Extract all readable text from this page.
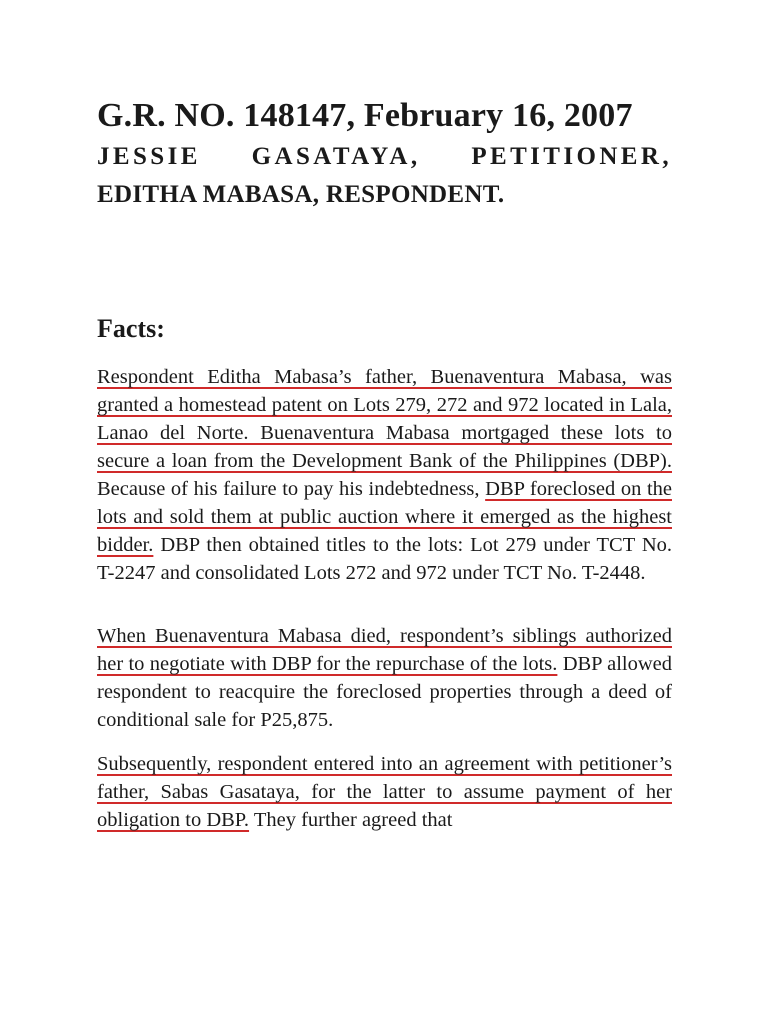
G.R. NO. 148147, February 16, 2007
JESSIE GASATAYA, PETITIONER,
EDITHA MABASA, RESPONDENT.
Facts:

Respondent Editha Mabasa’s father, Buenaventura Mabasa, was granted a homestead patent on Lots 279, 272 and 972 located in Lala, Lanao del Norte. Buenaventura Mabasa mortgaged these lots to secure a loan from the Development Bank of the Philippines (DBP). Because of his failure to pay his indebtedness, DBP foreclosed on the lots and sold them at public auction where it emerged as the highest bidder. DBP then obtained titles to the lots: Lot 279 under TCT No. T-2247 and consolidated Lots 272 and 972 under TCT No. T-2448.

When Buenaventura Mabasa died, respondent’s siblings authorized her to negotiate with DBP for the repurchase of the lots. DBP allowed respondent to reacquire the foreclosed properties through a deed of conditional sale for P25,875.

Subsequently, respondent entered into an agreement with petitioner’s father, Sabas Gasataya, for the latter to assume payment of her obligation to DBP. They further agreed that
